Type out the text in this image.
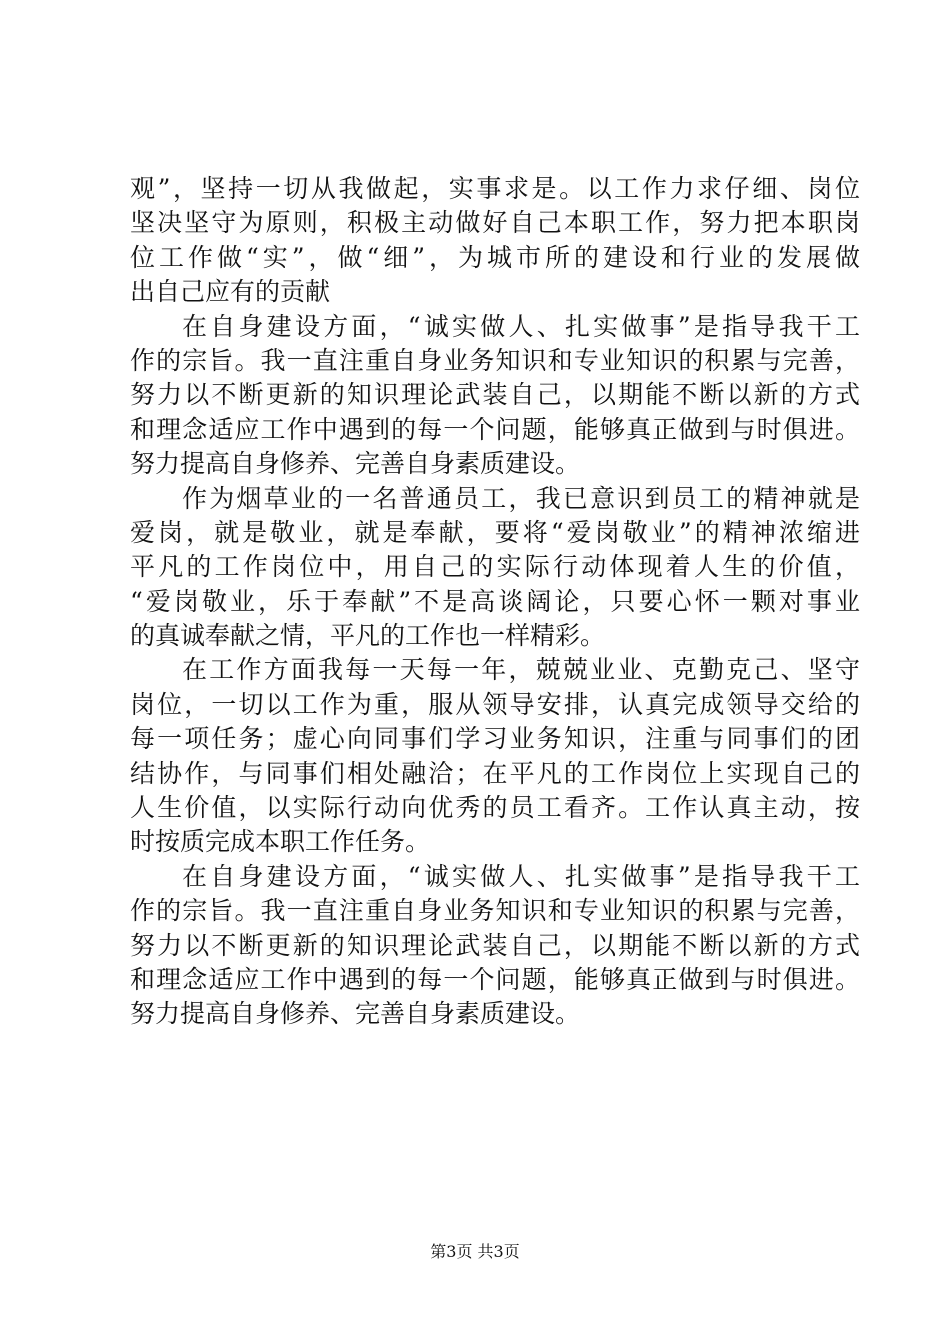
观”，坚持一切从我做起，实事求是。以工作力求仔细、岗位
坚决坚守为原则，积极主动做好自己本职工作，努力把本职岗
位工作做“实”，做“细”，为城市所的建设和行业的发展做
出自己应有的贡献
在自身建设方面，“诚实做人、扎实做事”是指导我干工
作的宗旨。我一直注重自身业务知识和专业知识的积累与完善，
努力以不断更新的知识理论武装自己，以期能不断以新的方式
和理念适应工作中遇到的每一个问题，能够真正做到与时俱进。
努力提高自身修养、完善自身素质建设。
作为烟草业的一名普通员工，我已意识到员工的精神就是
爱岗，就是敬业，就是奉献，要将“爱岗敬业”的精神浓缩进
平凡的工作岗位中，用自己的实际行动体现着人生的价值，
“爱岗敬业，乐于奉献”不是高谈阔论，只要心怀一颗对事业
的真诚奉献之情，平凡的工作也一样精彩。
在工作方面我每一天每一年，兢兢业业、克勤克己、坚守
岗位，一切以工作为重，服从领导安排，认真完成领导交给的
每一项任务；虚心向同事们学习业务知识，注重与同事们的团
结协作，与同事们相处融洽；在平凡的工作岗位上实现自己的
人生价值，以实际行动向优秀的员工看齐。工作认真主动，按
时按质完成本职工作任务。
在自身建设方面，“诚实做人、扎实做事”是指导我干工
作的宗旨。我一直注重自身业务知识和专业知识的积累与完善，
努力以不断更新的知识理论武装自己，以期能不断以新的方式
和理念适应工作中遇到的每一个问题，能够真正做到与时俱进。
努力提高自身修养、完善自身素质建设。
第3页 共3页
